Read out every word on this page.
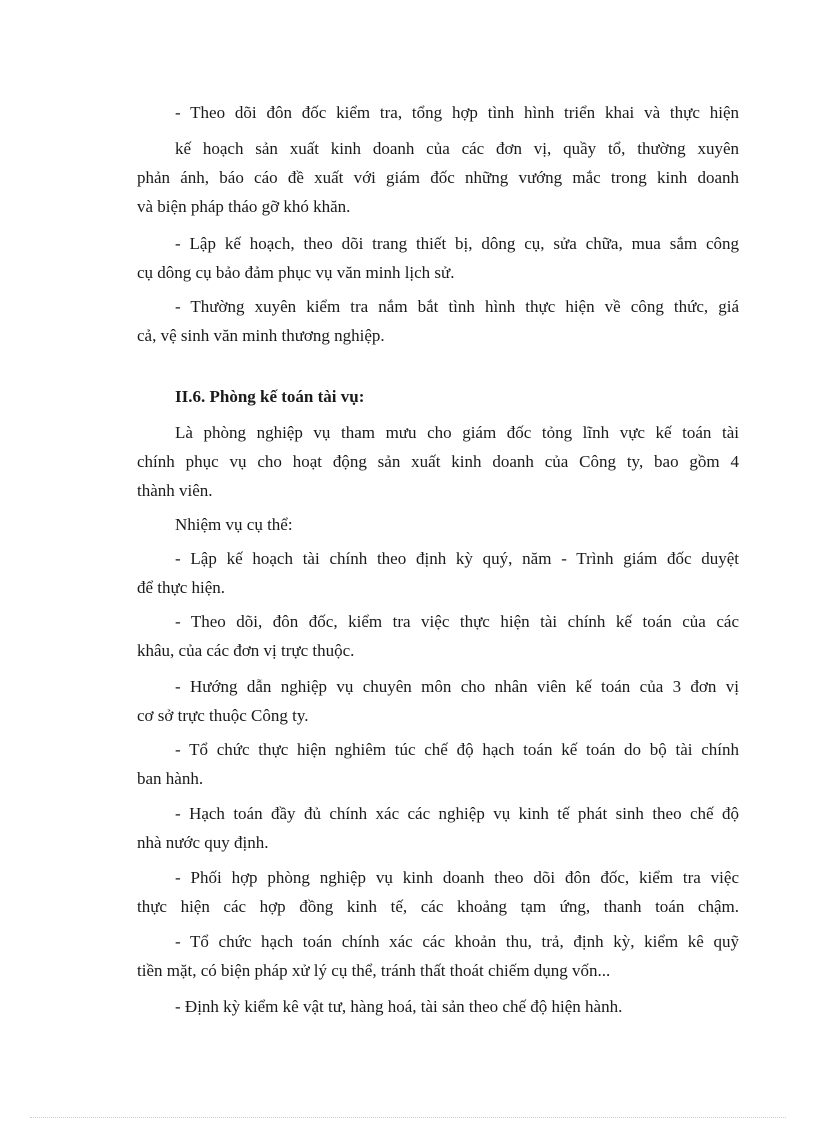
- Theo dõi đôn đốc kiểm tra, tổng hợp tình hình triển khai và thực hiện
kế hoạch sản xuất kinh doanh của các đơn vị, quầy tổ, thường xuyên
phản ánh, báo cáo đề xuất với giám đốc những vướng mắc trong kinh doanh
và biện pháp tháo gỡ khó khăn.
- Lập kế hoạch, theo dõi trang thiết bị, dông cụ, sửa chữa, mua sắm công
cụ dông cụ bảo đảm phục vụ văn minh lịch sử.
- Thường xuyên kiểm tra nắm bắt tình hình thực hiện về công thức, giá
cả, vệ sinh văn minh thương nghiệp.
II.6. Phòng kế toán tài vụ:
Là phòng nghiệp vụ tham mưu cho giám đốc tỏng lĩnh vực kế toán tài
chính phục vụ cho hoạt động sản xuất kinh doanh của Công ty, bao gồm 4
thành viên.
Nhiệm vụ cụ thể:
- Lập kế hoạch tài chính theo định kỳ quý, năm - Trình giám đốc duyệt
để thực hiện.
- Theo dõi, đôn đốc, kiểm tra việc thực hiện tài chính kế toán của các
khâu, của các đơn vị trực thuộc.
- Hướng dẫn nghiệp vụ chuyên môn cho nhân viên kế toán của 3 đơn vị
cơ sở trực thuộc Công ty.
- Tổ chức thực hiện nghiêm túc chế độ hạch toán kế toán do bộ tài chính
ban hành.
- Hạch toán đầy đủ chính xác các nghiệp vụ kinh tế phát sinh theo chế độ
nhà nước quy định.
- Phối hợp phòng nghiệp vụ kinh doanh theo dõi đôn đốc, kiểm tra việc
thực hiện các hợp đồng kinh tế, các khoảng tạm ứng, thanh toán chậm.
- Tổ chức hạch toán chính xác các khoản thu, trả, định kỳ, kiểm kê quỹ
tiền mặt, có biện pháp xử lý cụ thể, tránh thất thoát chiếm dụng vốn...
- Định kỳ kiểm kê vật tư, hàng hoá, tài sản theo chế độ hiện hành.
